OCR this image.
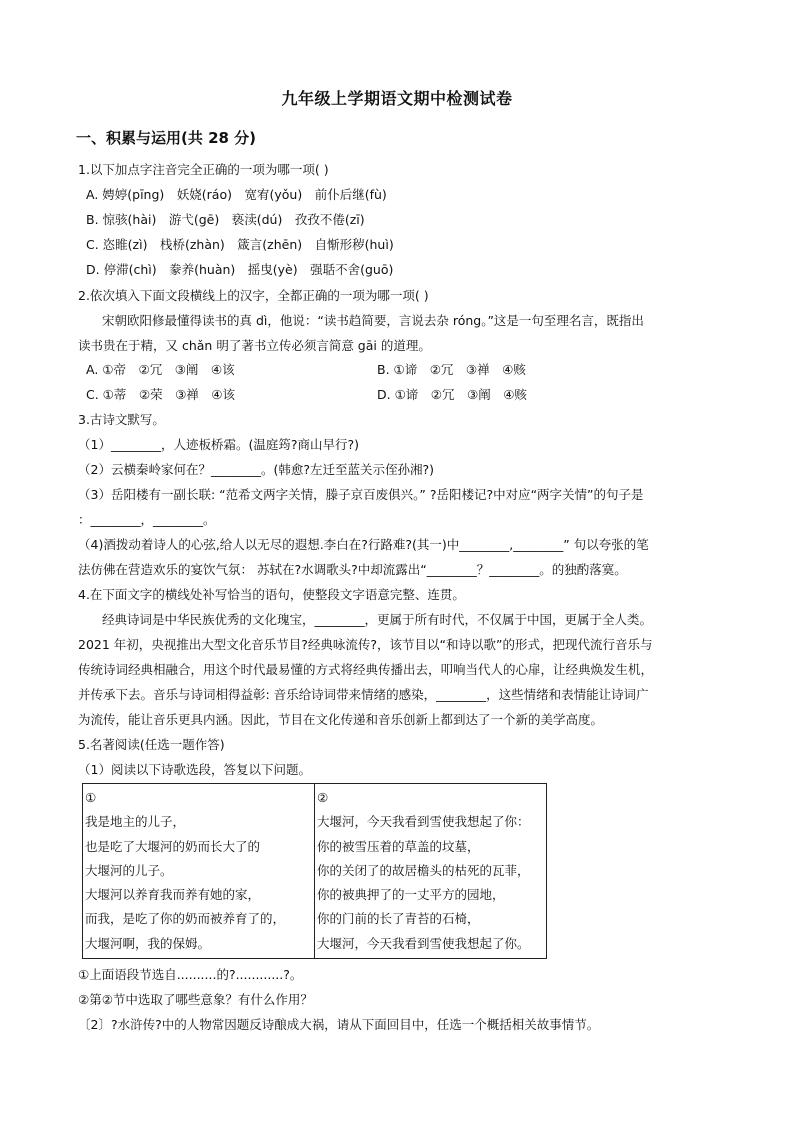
九年级上学期语文期中检测试卷
一、积累与运用(共 28 分)
1.以下加点字注音完全正确的一项为哪一项( )
A. 娉婷(pīng)　妖娆(ráo)　宽宥(yǒu)　前仆后继(fù)
B. 惊骇(hài)　游弋(gē)　亵渎(dú)　孜孜不倦(zī)
C. 恣睢(zì)　栈桥(zhàn)　箴言(zhēn)　自惭形秽(huì)
D. 停滞(chì)　豢养(huàn)　摇曳(yè)　强聒不舍(guō)
2.依次填入下面文段横线上的汉字，全都正确的一项为哪一项( )
宋朝欧阳修最懂得读书的真 dì，他说：“读书趋简要，言说去杂 róng。”这是一句至理名言，既指出
读书贵在于精，又 chǎn 明了著书立传必须言简意 gāi 的道理。
A. ①帝　②冗　③阐　④该	B. ①谛　②冗　③禅　④赅
C. ①蒂　②荣　③禅　④该	D. ①谛　②冗　③阐　④赅
3.古诗文默写。
（1）________，人迹板桥霜。(温庭筠?商山早行?)
（2）云横秦岭家何在？________。(韩愈?左迁至蓝关示侄孙湘?)
（3）岳阳楼有一副长联: “范希文两字关情，滕子京百废俱兴。” ?岳阳楼记?中对应“两字关情”的句子是
：________，________。
（4)酒拨动着诗人的心弦,给人以无尽的遐想.李白在?行路难?(其一)中________,________” 句以夸张的笔
法仿佛在营造欢乐的宴饮气氛： 苏轼在?水调歌头?中却流露出“________？________。的独酌落寞。
4.在下面文字的横线处补写恰当的语句，使整段文字语意完整、连贯。
经典诗词是中华民族优秀的文化瑰宝，________，更属于所有时代，不仅属于中国，更属于全人类。
2021 年初，央视推出大型文化音乐节目?经典咏流传?，该节目以“和诗以歌”的形式，把现代流行音乐与
传统诗词经典相融合，用这个时代最易懂的方式将经典传播出去，叩响当代人的心扉，让经典焕发生机，
并传承下去。音乐与诗词相得益彰: 音乐给诗词带来情绪的感染，________，这些情绪和表情能让诗词广
为流传，能让音乐更具内涵。因此，节目在文化传递和音乐创新上都到达了一个新的美学高度。
5.名著阅读(任选一题作答)
（1）阅读以下诗歌选段，答复以下问题。
①
我是地主的儿子，
也是吃了大堰河的奶而长大了的
大堰河的儿子。
大堰河以养育我而养有她的家，
而我，是吃了你的奶而被养育了的，
大堰河啊，我的保姆。
②
大堰河，今天我看到雪使我想起了你：
你的被雪压着的草盖的坟墓，
你的关闭了的故居檐头的枯死的瓦菲，
你的被典押了的一丈平方的园地，
你的门前的长了青苔的石椅，
大堰河，今天我看到雪使我想起了你。
①上面语段节选自..........的?............?。
②第②节中选取了哪些意象？有什么作用？
〔2〕?水浒传?中的人物常因题反诗酿成大祸，请从下面回目中，任选一个概括相关故事情节。
